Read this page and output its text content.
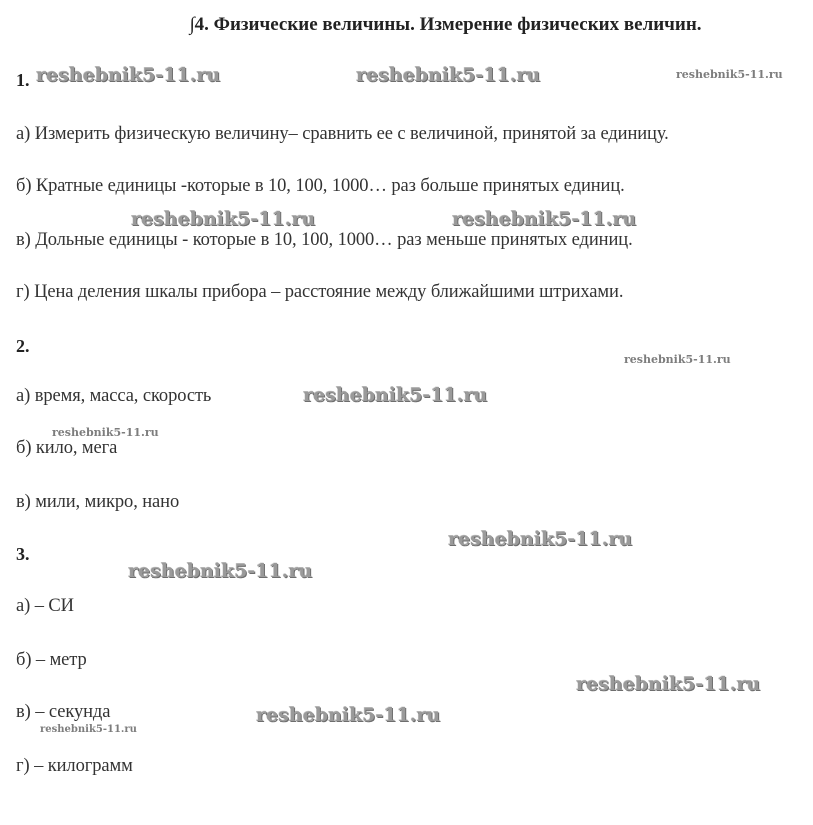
∫4. Физические величины. Измерение физических величин.
1.
а) Измерить физическую величину– сравнить ее с величиной, принятой за единицу.
б) Кратные единицы -которые в 10, 100, 1000… раз больше принятых единиц.
в) Дольные единицы - которые в 10, 100, 1000… раз меньше принятых единиц.
г) Цена деления шкалы прибора – расстояние между ближайшими штрихами.
2.
а) время, масса, скорость
б) кило, мега
в) мили, микро, нано
3.
а) – СИ
б) – метр
в) – секунда
г) – килограмм
reshebnik5-11.ru	reshebnik5-11.ru	reshebnik5-11.ru
reshebnik5-11.ru	reshebnik5-11.ru
reshebnik5-11.ru
reshebnik5-11.ru
reshebnik5-11.ru
reshebnik5-11.ru
reshebnik5-11.ru
reshebnik5-11.ru
reshebnik5-11.ru
reshebnik5-11.ru
